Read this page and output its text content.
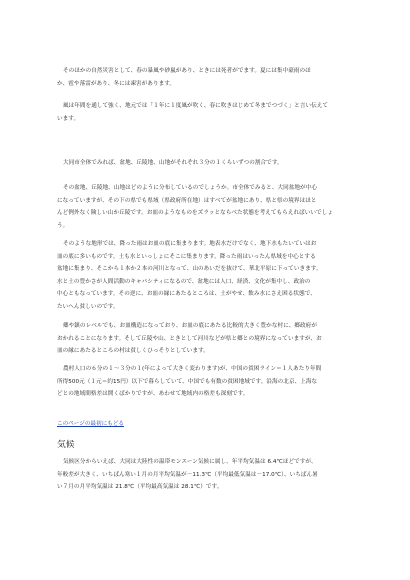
そのほかの自然災害として、春の暴風や砂嵐があり、ときには死者がでます。夏には集中豪雨のほ
か、雹や落雷があり、冬には凍害があります。
風は年間を通して強く、地元では「１年に１度風が吹く、春に吹きはじめて冬までつづく」と言い伝えて
います。
大同市全体でみれば、盆地、丘陵地、山地がそれぞれ３分の１くらいずつの割合です。
その盆地、丘陵地、山地はどのように分布しているのでしょうか。市全体でみると、大同盆地が中心
になっていますが、その下の県でも県域（県政府所在地）はすべてが盆地にあり、県と県の境界はほと
んど例外なく険しい山か丘陵です。お皿のようなものをズラッとならべた状態を考えてもらえればいいでしょ
う。
そのような地形では、降った雨はお皿の底に集まります。地表水だけでなく、地下水もたいていはお
皿の底に多いものです。土も水といっしょにそこに集まります。降った雨はいったん県域を中心とする
盆地に集まり、そこから１本か２本の河川となって、山のあいだを抜けて、華北平原に下っていきます。
水と土の豊かさが人間活動のキャパシティになるので、盆地には人口、経済、文化が集中し、政治の
中心ともなっています。その逆に、お皿の縁にあたるところは、土がやせ、飲み水にさえ困る状態で、
たいへん貧しいのです。
郷や鎮のレベルでも、お皿構造になっており、お皿の底にあたる比較的大きく豊かな村に、郷政府が
おかれることになります。そして丘陵や山、ときとして河川などが県と郷との境界になっていますが、お
皿の縁にあたるところの村は貧しくひっそりとしています。
農村人口の６分の１〜３分の１(年によって大きく変わります)が、中国の貧困ライン＝１人あたり年間
所得500元（１元＝約15円）以下で暮らしていて、中国でも有数の貧困地域です。沿海の北京、上海な
どとの地域間格差は開くばかりですが、あわせて地域内の格差も深刻です。
このページの最初にもどる
気候
気候区分からいえば、大同は大陸性の温帯モンスーン気候に属し、年平均気温は 6.4℃ほどですが、
年較差が大きく、いちばん寒い１月の月平均気温が－11.3℃（平均最低気温は－17.0℃）、いちばん暑
い７月の月平均気温は 21.8℃（平均最高気温は 28.1℃）です。
